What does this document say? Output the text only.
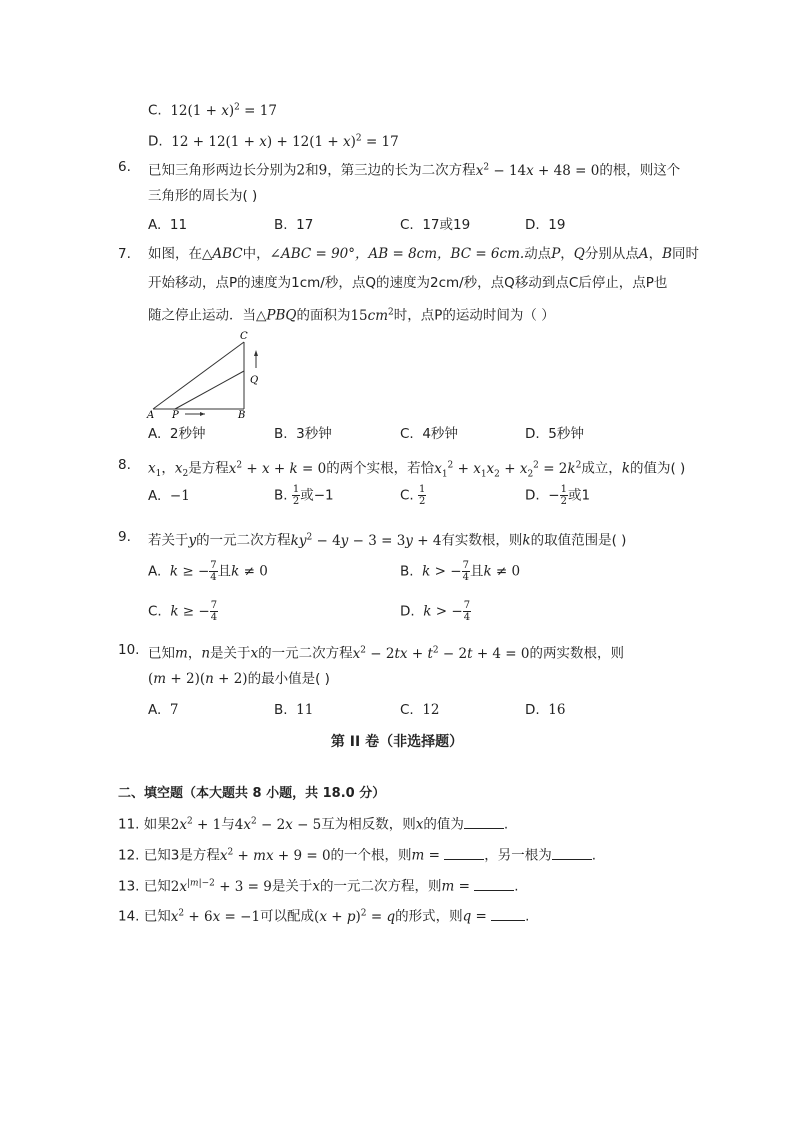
C. $12(1 + x)^2 = 17$
D. $12 + 12(1 + x) + 12(1 + x)^2 = 17$
6. 已知三角形两边长分别为2和9，第三边的长为二次方程$x^2 - 14x + 48 = 0$的根，则这个
三角形的周长为( )
A. 11	B. 17	C. 17或19	D. 19
7. 如图，在△ABC中，∠ABC = 90°，AB = 8cm，BC = 6cm.动点P，Q分别从点A，B同时
开始移动，点P的速度为1cm/秒，点Q的速度为2cm/秒，点Q移动到点C后停止，点P也
随之停止运动．当△PBQ的面积为$15cm^2$时，点P的运动时间为（ ）
A P	B
C
Q
A. 2秒钟	B. 3秒钟	C. 4秒钟	D. 5秒钟
8. $x_1$，$x_2$是方程$x^2 + x + k = 0$的两个实根，若恰$x_1^2 + x_1x_2 + x_2^2 = 2k^2$成立，k的值为( )
A. −1	B. $\frac{1}{2}$ 或−1	C. $\frac{1}{2}$	D.  − $\frac{1}{2}$ 或1
9. 若关于y的一元二次方程$ky^2 - 4y - 3 = 3y + 4$有实数根，则k的取值范围是( )
A. k ≥ − $\frac{7}{4}$ 且k ≠ 0	B. k > − $\frac{7}{4}$ 且k ≠ 0
C. k ≥ − $\frac{7}{4}$	D. k > − $\frac{7}{4}$
10. 已知m，n是关于x的一元二次方程$x^2 - 2tx + t^2 - 2t + 4 = 0$的两实数根，则
(m + 2)(n + 2)的最小值是( )
A. 7	B. 11	C. 12	D. 16
第 II 卷（非选择题）
二、填空题（本大题共 8 小题，共 18.0 分）
11. 如果$2x^2 + 1$与$4x^2 - 2x - 5$互为相反数，则x的值为	.
12. 已知3是方程$x^2$ + mx + 9 = 0的一个根，则m =	，另一根为	.
13. 已知$2x^{|m|-2} + 3 = 9$是关于x的一元二次方程，则m =	.
14. 已知$x^2 + 6x = -1$可以配成$(x + p)^2 = q$的形式，则q =	.
